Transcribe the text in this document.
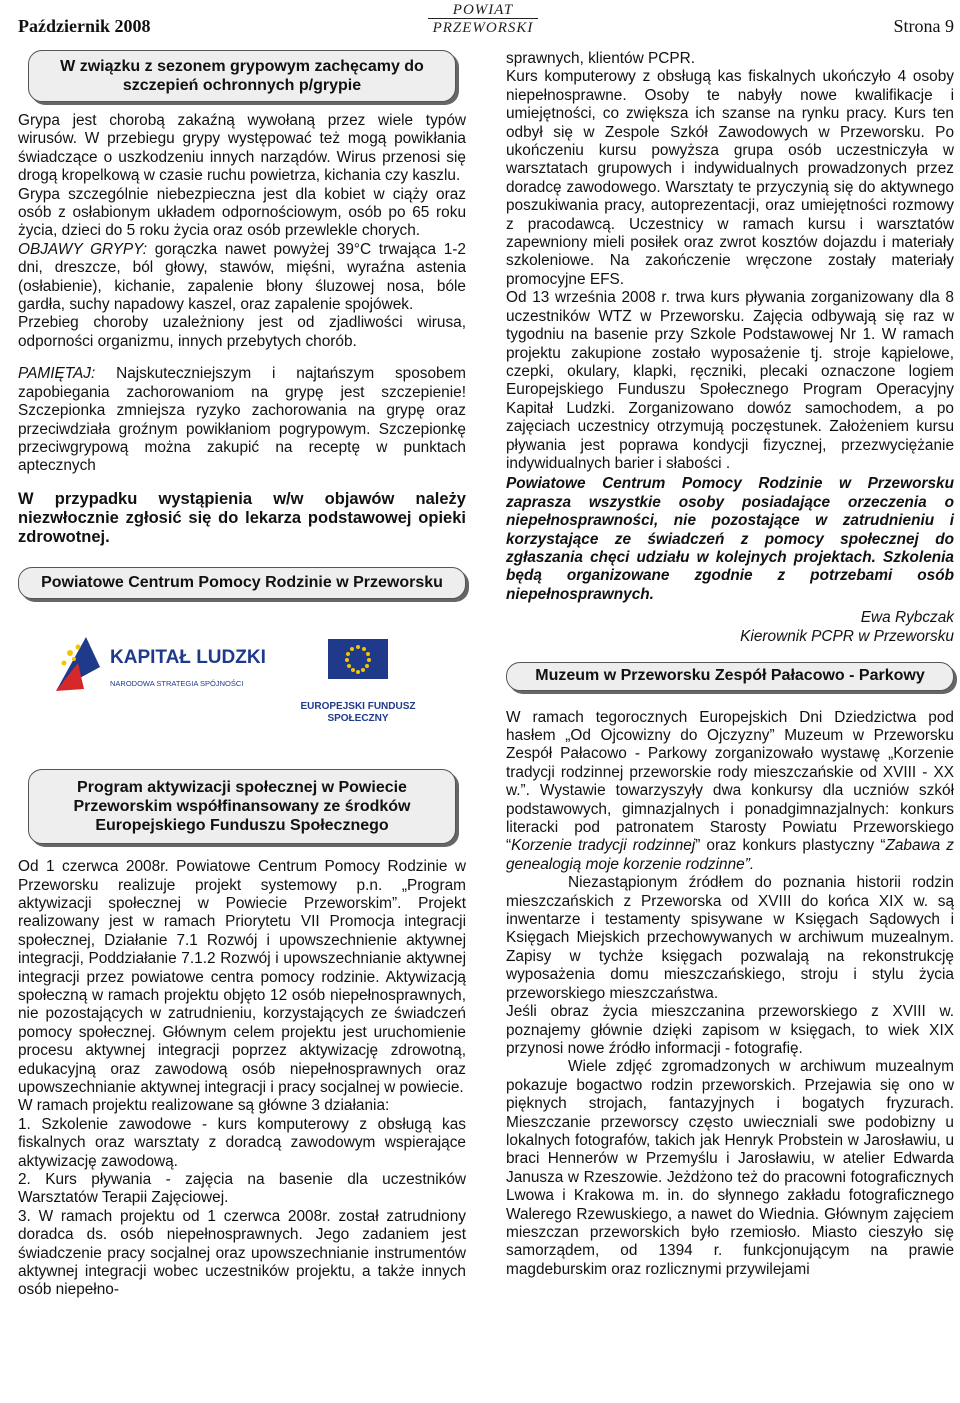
Październik 2008
POWIAT
PRZEWORSKI	Strona 9
W związku z sezonem grypowym zachęcamy do szczepień ochronnych p/grypie

Grypa jest chorobą zakaźną wywołaną przez wiele typów wirusów. W przebiegu grypy występować też mogą powikłania świadczące o uszkodzeniu innych narządów. Wirus przenosi się drogą kropelkową w czasie ruchu powietrza, kichania czy kaszlu.

Grypa szczególnie niebezpieczna jest dla kobiet w ciąży oraz osób z osłabionym układem odpornościowym, osób po 65 roku życia, dzieci do 5 roku życia oraz osób przewlekle chorych.

OBJAWY GRYPY: gorączka nawet powyżej 39°C trwająca 1-2 dni, dreszcze, ból głowy, stawów, mięśni, wyraźna astenia (osłabienie), kichanie, zapalenie błony śluzowej nosa, bóle gardła, suchy napadowy kaszel, oraz zapalenie spojówek.

Przebieg choroby uzależniony jest od zjadliwości wirusa, odporności organizmu, innych przebytych chorób.

PAMIĘTAJ: Najskuteczniejszym i najtańszym sposobem zapobiegania zachorowaniom na grypę jest szczepienie! Szczepionka zmniejsza ryzyko zachorowania na grypę oraz przeciwdziała groźnym powikłaniom pogrypowym. Szczepionkę przeciwgrypową można zakupić na receptę w punktach aptecznych

W przypadku wystąpienia w/w objawów należy niezwłocznie zgłosić się do lekarza podstawowej opieki zdrowotnej.

Powiatowe Centrum Pomocy Rodzinie w Przeworsku
KAPITAŁ LUDZKI
NARODOWA STRATEGIA SPÓJNOŚCI
EUROPEJSKI FUNDUSZ
SPOŁECZNY
Program aktywizacji społecznej w Powiecie Przeworskim współfinansowany ze środków Europejskiego Funduszu Społecznego

Od 1 czerwca 2008r. Powiatowe Centrum Pomocy Rodzinie w Przeworsku realizuje projekt systemowy p.n. „Program aktywizacji społecznej w Powiecie Przeworskim”. Projekt realizowany jest w ramach Priorytetu VII Promocja integracji społecznej, Działanie 7.1 Rozwój i upowszechnienie aktywnej integracji, Poddziałanie 7.1.2 Rozwój i upowszechnianie aktywnej integracji przez powiatowe centra pomocy rodzinie. Aktywizacją społeczną w ramach projektu objęto 12 osób niepełnosprawnych, nie pozostających w zatrudnieniu, korzystających ze świadczeń pomocy społecznej. Głównym celem projektu jest uruchomienie procesu aktywnej integracji poprzez aktywizację zdrowotną, edukacyjną oraz zawodową osób niepełnosprawnych oraz upowszechnianie aktywnej integracji i pracy socjalnej w powiecie.

W ramach projektu realizowane są główne 3 działania:

1. Szkolenie zawodowe - kurs komputerowy z obsługą kas fiskalnych oraz warsztaty z doradcą zawodowym wspierające aktywizację zawodową.

2. Kurs pływania - zajęcia na basenie dla uczestników Warsztatów Terapii Zajęciowej.

3. W ramach projektu od 1 czerwca 2008r. został zatrudniony doradca ds. osób niepełnosprawnych. Jego zadaniem jest świadczenie pracy socjalnej oraz upowszechnianie instrumentów aktywnej integracji wobec uczestników projektu, a także innych osób niepełno-

sprawnych, klientów PCPR.

Kurs komputerowy z obsługą kas fiskalnych ukończyło 4 osoby niepełnosprawne. Osoby te nabyły nowe kwalifikacje i umiejętności, co zwiększa ich szanse na rynku pracy. Kurs ten odbył się w Zespole Szkół Zawodowych w Przeworsku. Po ukończeniu kursu powyższa grupa osób uczestniczyła w warsztatach grupowych i indywidualnych prowadzonych przez doradcę zawodowego. Warsztaty te przyczynią się do aktywnego poszukiwania pracy, autoprezentacji, oraz umiejętności rozmowy z pracodawcą. Uczestnicy w ramach kursu i warsztatów zapewniony mieli posiłek oraz zwrot kosztów dojazdu i materiały szkoleniowe. Na zakończenie wręczone zostały materiały promocyjne EFS.

Od 13 września 2008 r. trwa kurs pływania zorganizowany dla 8 uczestników WTZ w Przeworsku. Zajęcia odbywają się raz w tygodniu na basenie przy Szkole Podstawowej Nr 1. W ramach projektu zakupione zostało wyposażenie tj. stroje kąpielowe, czepki, okulary, klapki, ręczniki, plecaki oznaczone logiem Europejskiego Funduszu Społecznego Program Operacyjny Kapitał Ludzki. Zorganizowano dowóz samochodem, a po zajęciach uczestnicy otrzymują poczęstunek. Założeniem kursu pływania jest poprawa kondycji fizycznej, przezwyciężanie indywidualnych barier i słabości .

Powiatowe Centrum Pomocy Rodzinie w Przeworsku zaprasza wszystkie osoby posiadające orzeczenia o niepełnosprawności, nie pozostające w zatrudnieniu i korzystające ze świadczeń z pomocy społecznej do zgłaszania chęci udziału w kolejnych projektach. Szkolenia będą organizowane zgodnie z potrzebami osób niepełnosprawnych.

Ewa Rybczak
Kierownik PCPR w Przeworsku
Muzeum w Przeworsku Zespół Pałacowo - Parkowy

W ramach tegorocznych Europejskich Dni Dziedzictwa pod hasłem „Od Ojcowizny do Ojczyzny” Muzeum w Przeworsku Zespół Pałacowo - Parkowy zorganizowało wystawę „Korzenie tradycji rodzinnej przeworskie rody mieszczańskie od XVIII - XX w.”. Wystawie towarzyszyły dwa konkursy dla uczniów szkół podstawowych, gimnazjalnych i ponadgimnazjalnych: konkurs literacki pod patronatem Starosty Powiatu Przeworskiego “Korzenie tradycji rodzinnej” oraz konkurs plastyczny “Zabawa z genealogią moje korzenie rodzinne”.

Niezastąpionym źródłem do poznania historii rodzin mieszczańskich z Przeworska od XVIII do końca XIX w. są inwentarze i testamenty spisywane w Księgach Sądowych i Księgach Miejskich przechowywanych w archiwum muzealnym. Zapisy w tychże księgach pozwalają na rekonstrukcję wyposażenia domu mieszczańskiego, stroju i stylu życia przeworskiego mieszczaństwa.

Jeśli obraz życia mieszczanina przeworskiego z XVIII w. poznajemy głównie dzięki zapisom w księgach, to wiek XIX przynosi nowe źródło informacji - fotografię.

Wiele zdjęć zgromadzonych w archiwum muzealnym pokazuje bogactwo rodzin przeworskich. Przejawia się ono w pięknych strojach, fantazyjnych i bogatych fryzurach. Mieszczanie przeworscy często uwieczniali swe podobizny u lokalnych fotografów, takich jak Henryk Probstein w Jarosławiu, u braci Hennerów w Przemyślu i Jarosławiu, w atelier Edwarda Janusza w Rzeszowie. Jeżdżono też do pracowni fotograficznych Lwowa i Krakowa m. in. do słynnego zakładu fotograficznego Walerego Rzewuskiego, a nawet do Wiednia. Głównym zajęciem mieszczan przeworskich było rzemiosło. Miasto cieszyło się samorządem, od 1394 r. funkcjonującym na prawie magdeburskim oraz rozlicznymi przywilejami
